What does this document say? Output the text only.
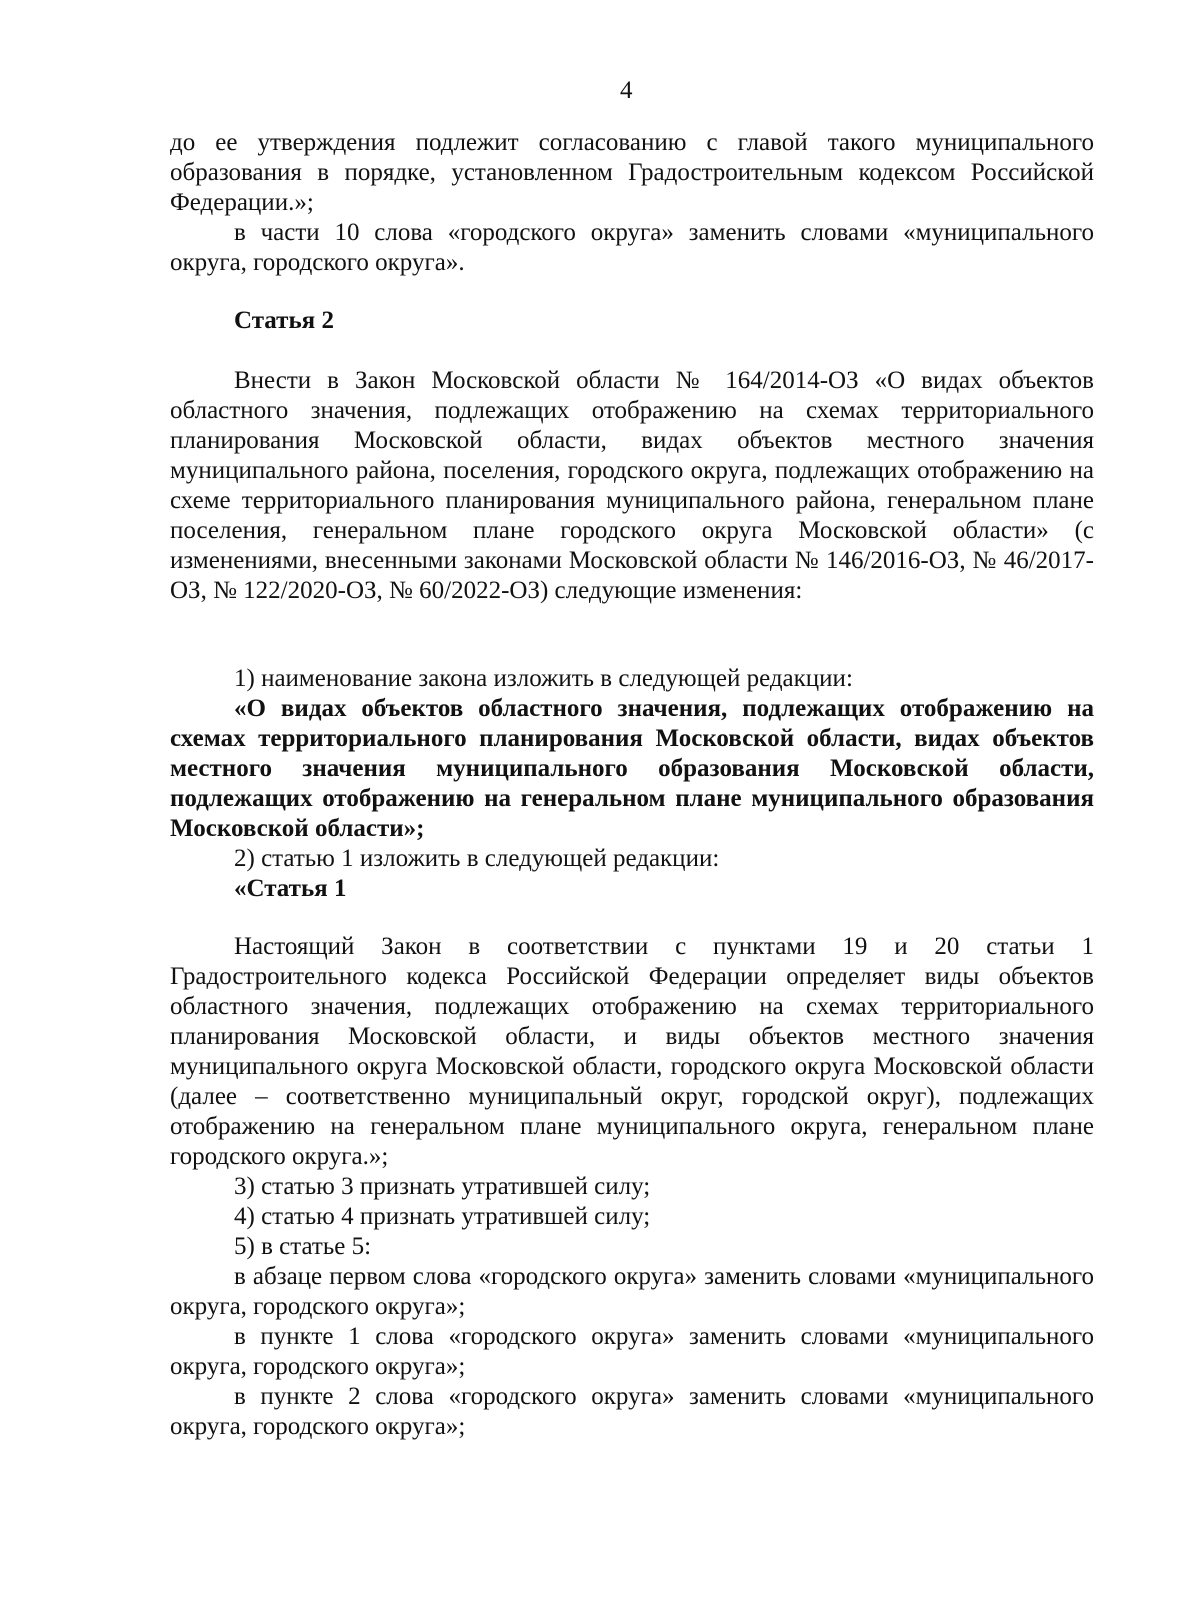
4

до ее утверждения подлежит согласованию с главой такого муниципального образования в порядке, установленном Градостроительным кодексом Российской Федерации.»;

в части 10 слова «городского округа» заменить словами «муниципального округа, городского округа».

Статья 2

Внести в Закон Московской области № 164/2014-ОЗ «О видах объектов областного значения, подлежащих отображению на схемах территориального планирования Московской области, видах объектов местного значения муниципального района, поселения, городского округа, подлежащих отображению на схеме территориального планирования муниципального района, генеральном плане поселения, генеральном плане городского округа Московской области» (с изменениями, внесенными законами Московской области № 146/2016-ОЗ, № 46/2017-ОЗ, № 122/2020-ОЗ, № 60/2022-ОЗ) следующие изменения:

1) наименование закона изложить в следующей редакции:

«О видах объектов областного значения, подлежащих отображению на схемах территориального планирования Московской области, видах объектов местного значения муниципального образования Московской области, подлежащих отображению на генеральном плане муниципального образования Московской области»;

2) статью 1 изложить в следующей редакции:

«Статья 1

Настоящий Закон в соответствии с пунктами 19 и 20 статьи 1 Градостроительного кодекса Российской Федерации определяет виды объектов областного значения, подлежащих отображению на схемах территориального планирования Московской области, и виды объектов местного значения муниципального округа Московской области, городского округа Московской области (далее – соответственно муниципальный округ, городской округ), подлежащих отображению на генеральном плане муниципального округа, генеральном плане городского округа.»;

3) статью 3 признать утратившей силу;

4) статью 4 признать утратившей силу;

5) в статье 5:

в абзаце первом слова «городского округа» заменить словами «муниципального округа, городского округа»;

в пункте 1 слова «городского округа» заменить словами «муниципального округа, городского округа»;

в пункте 2 слова «городского округа» заменить словами «муниципального округа, городского округа»;
